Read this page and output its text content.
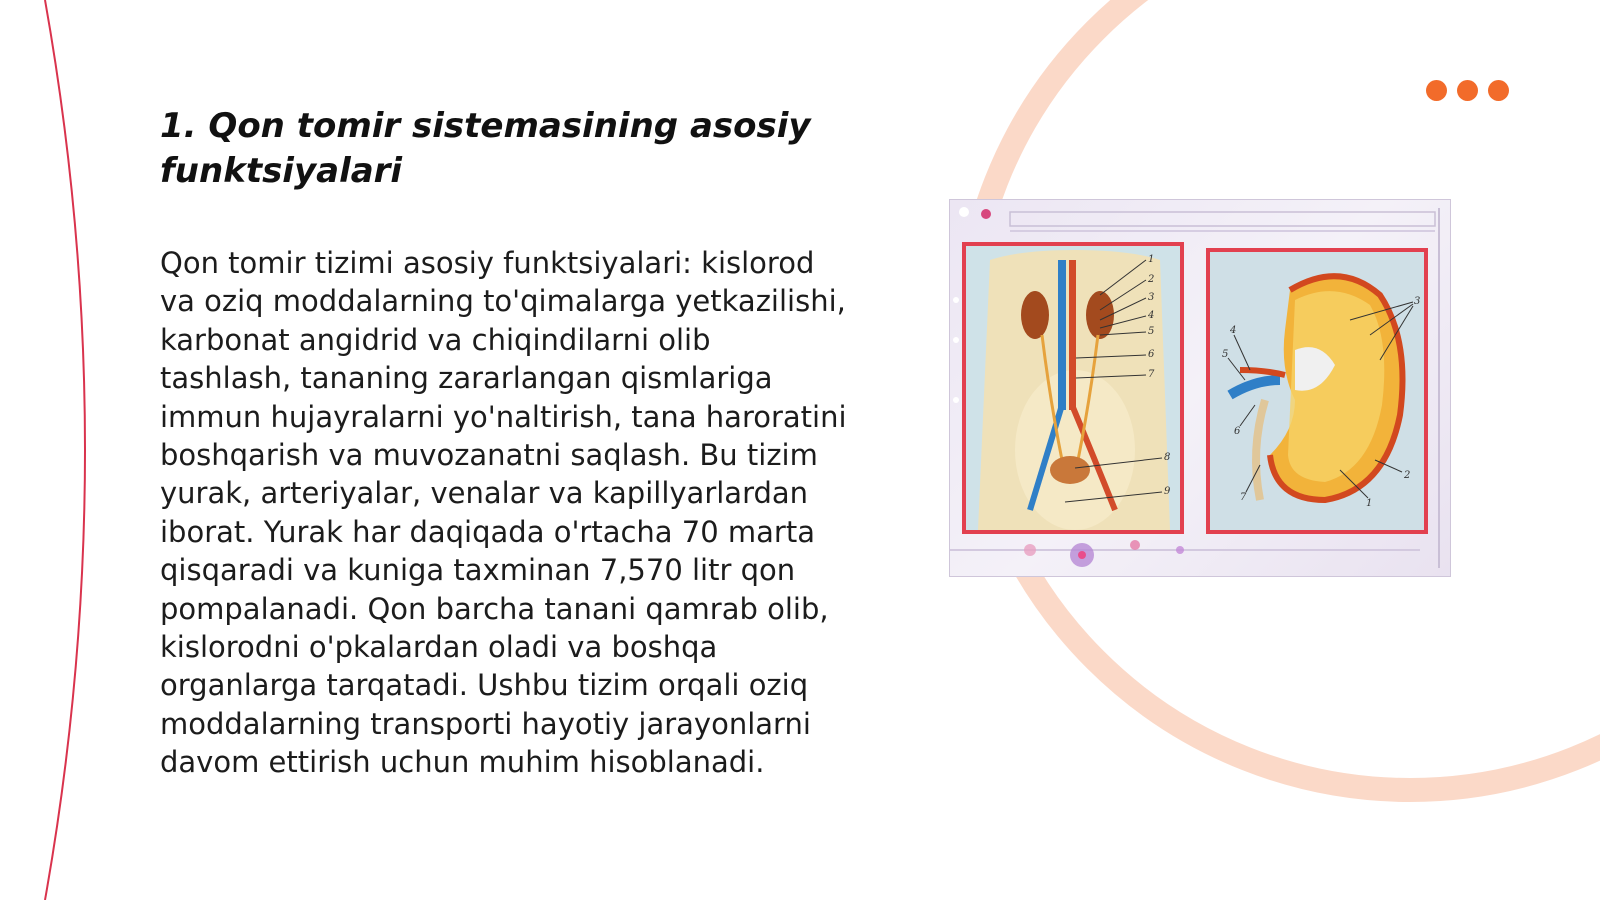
1. Qon tomir sistemasining asosiy funktsiyalari

Qon tomir tizimi asosiy funktsiyalari: kislorod va oziq moddalarning to'qimalarga yetkazilishi, karbonat angidrid va chiqindilarni olib tashlash, tananing zararlangan qismlariga immun hujayralarni yo'naltirish, tana haroratini boshqarish va muvozanatni saqlash. Bu tizim yurak, arteriyalar, venalar va kapillyarlardan iborat. Yurak har daqiqada o'rtacha 70 marta qisqaradi va kuniga taxminan 7,570 litr qon pompalanadi. Qon barcha tanani qamrab olib, kislorodni o'pkalardan oladi va boshqa organlarga tarqatadi. Ushbu tizim orqali oziq moddalarning transporti hayotiy jarayonlarni davom ettirish uchun muhim hisoblanadi.

1
2
3
4
5
6
7
8
9
1
2
3
4
5
6
7
